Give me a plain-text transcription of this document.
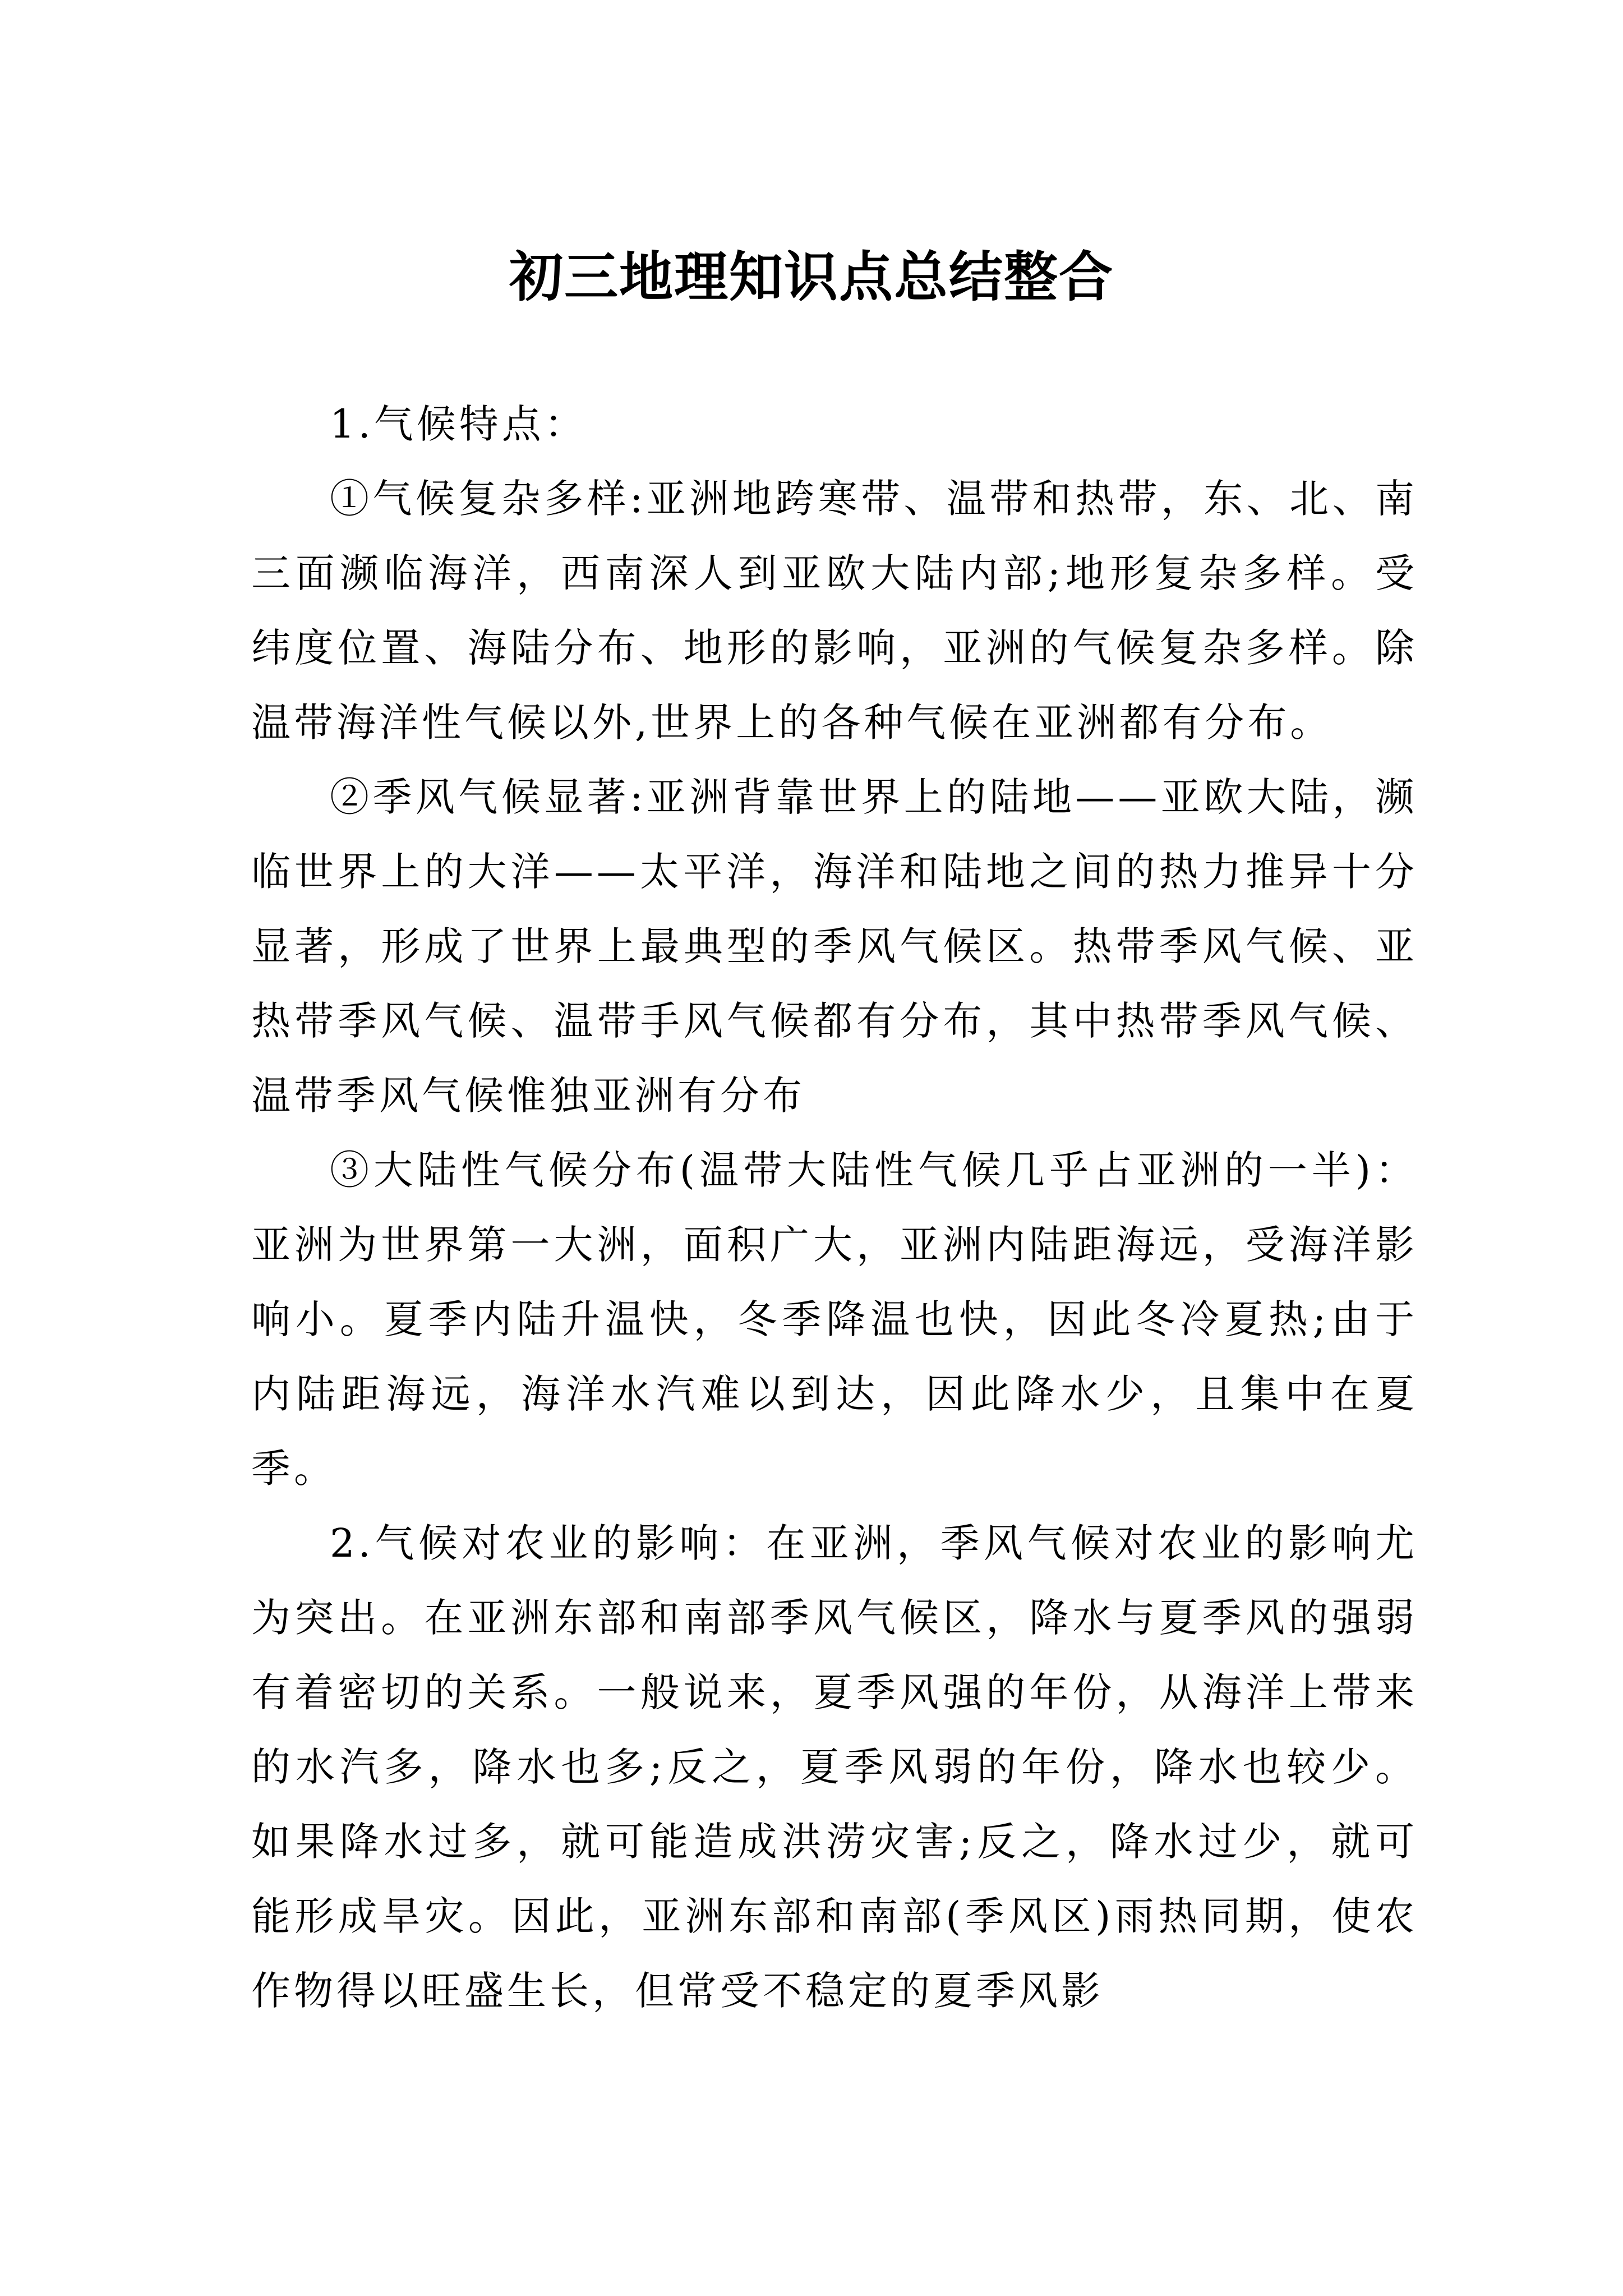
初三地理知识点总结整合

1.气候特点：

①气候复杂多样:亚洲地跨寒带、温带和热带，东、北、南三面濒临海洋，西南深人到亚欧大陆内部;地形复杂多样。受纬度位置、海陆分布、地形的影响，亚洲的气候复杂多样。除温带海洋性气候以外,世界上的各种气候在亚洲都有分布。

②季风气候显著:亚洲背靠世界上的陆地——亚欧大陆，濒临世界上的大洋——太平洋，海洋和陆地之间的热力推异十分显著，形成了世界上最典型的季风气候区。热带季风气候、亚热带季风气候、温带手风气候都有分布，其中热带季风气候、温带季风气候惟独亚洲有分布

③大陆性气候分布(温带大陆性气候几乎占亚洲的一半)：亚洲为世界第一大洲，面积广大，亚洲内陆距海远，受海洋影响小。夏季内陆升温快，冬季降温也快，因此冬冷夏热;由于内陆距海远，海洋水汽难以到达，因此降水少，且集中在夏季。

2.气候对农业的影响：在亚洲，季风气候对农业的影响尤为突出。在亚洲东部和南部季风气候区，降水与夏季风的强弱有着密切的关系。一般说来，夏季风强的年份，从海洋上带来的水汽多，降水也多;反之，夏季风弱的年份，降水也较少。如果降水过多，就可能造成洪涝灾害;反之，降水过少，就可能形成旱灾。因此，亚洲东部和南部(季风区)雨热同期，使农作物得以旺盛生长，但常受不稳定的夏季风影
